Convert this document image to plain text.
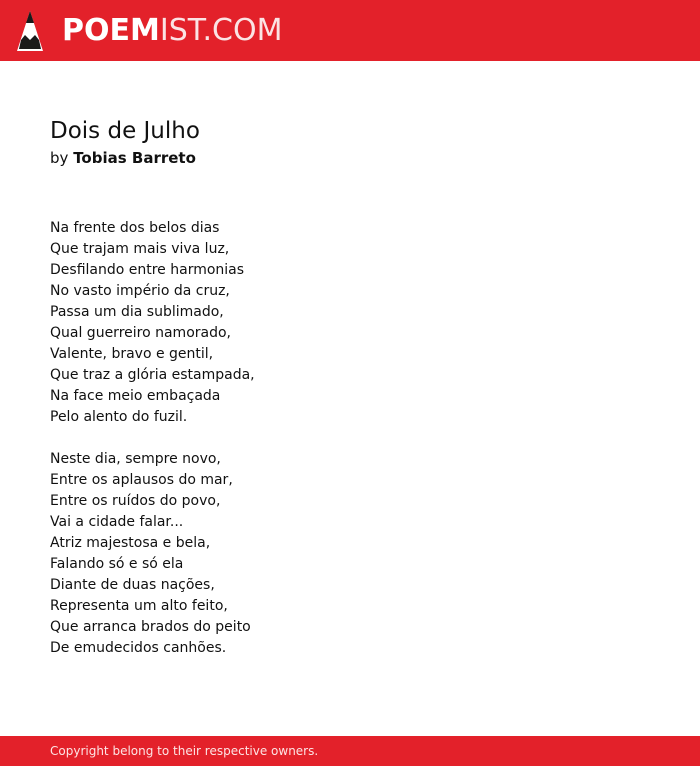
POEMIST.COM
Dois de Julho
by Tobias Barreto
Na frente dos belos dias
Que trajam mais viva luz,
Desfilando entre harmonias
No vasto império da cruz,
Passa um dia sublimado,
Qual guerreiro namorado,
Valente, bravo e gentil,
Que traz a glória estampada,
Na face meio embaçada
Pelo alento do fuzil.
Neste dia, sempre novo,
Entre os aplausos do mar,
Entre os ruídos do povo,
Vai a cidade falar...
Atriz majestosa e bela,
Falando só e só ela
Diante de duas nações,
Representa um alto feito,
Que arranca brados do peito
De emudecidos canhões.
Copyright belong to their respective owners.
